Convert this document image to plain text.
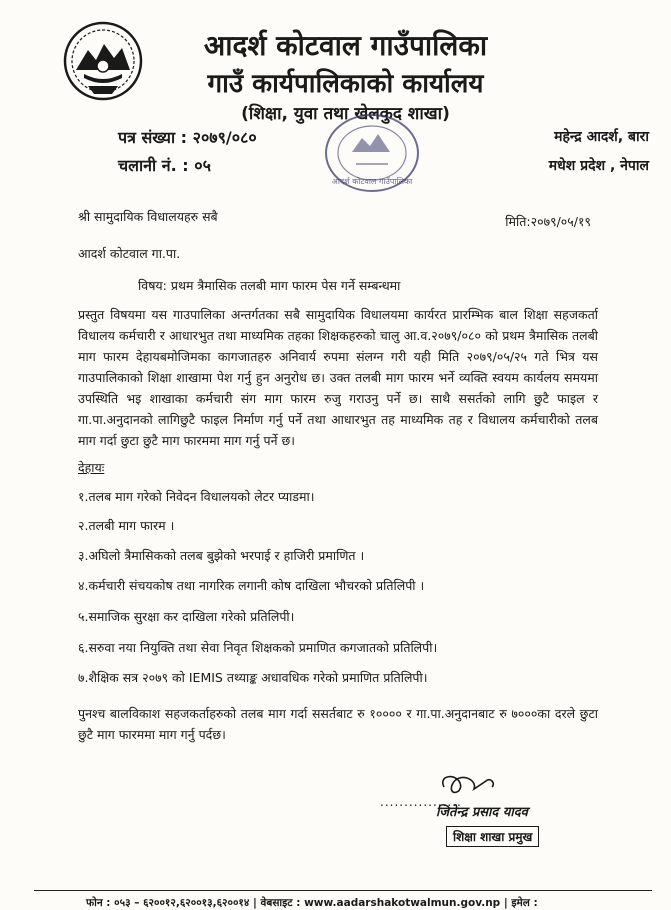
आदर्श कोटवाल गाउँपालिका
गाउँ कार्यपालिकाको कार्यालय
(शिक्षा, युवा तथा खेलकुद शाखा)
पत्र संख्या : २०७९/०८०
चलानी नं. : ०५
महेन्द्र आदर्श, बारा
मधेश प्रदेश , नेपाल
आदर्श कोटवाल गाउँपालिका
श्री सामुदायिक विधालयहरु सबै	मिति:२०७९/०५/१९
आदर्श कोटवाल गा.पा.
विषय: प्रथम त्रैमासिक तलबी माग फारम पेस गर्ने सम्बन्धमा
प्रस्तुत विषयमा यस गाउपालिका अन्तर्गतका सबै सामुदायिक विधालयमा कार्यरत प्रारम्भिक बाल शिक्षा सहजकर्ता विधालय कर्मचारी र आधारभुत तथा माध्यमिक तहका शिक्षकहरुको चालु आ.व.२०७९/०८० को प्रथम त्रैमासिक तलबी माग फारम देहायबमोजिमका कागजातहरु अनिवार्य रुपमा संलग्न गरी यही मिति २०७९/०५/२५ गते भित्र यस गाउपालिकाको शिक्षा शाखामा पेश गर्नु हुन अनुरोध छ। उक्त तलबी माग फारम भर्ने व्यक्ति स्वयम कार्यलय समयमा उपस्थिति भइ शाखाका कर्मचारी संग माग फारम रुजु गराउनु पर्ने छ। साथै ससर्तको लागि छुटै फाइल र गा.पा.अनुदानको लागिछुटै फाइल निर्माण गर्नु पर्ने तथा आधारभुत तह माध्यमिक तह र विधालय कर्मचारीको तलब माग गर्दा छुटा छुटै माग फारममा माग गर्नु पर्ने छ।
देहायः
१.तलब माग गरेको निवेदन विधालयको लेटर प्याडमा।
२.तलबी माग फारम ।
३.अघिलो त्रैमासिकको तलब बुझेको भरपाई र हाजिरी प्रमाणित ।
४.कर्मचारी संचयकोष तथा नागरिक लगानी कोष दाखिला भौचरको प्रतिलिपी ।
५.समाजिक सुरक्षा कर दाखिला गरेको प्रतिलिपी।
६.सरुवा नया नियुक्ति तथा सेवा निवृत शिक्षकको प्रमाणित कगजातको प्रतिलिपी।
७.शैक्षिक सत्र २०७९ को IEMIS तथ्याङ्क अधावधिक गरेको प्रमाणित प्रतिलिपी।
पुनश्च बालविकाश सहजकर्ताहरुको तलब माग गर्दा ससर्तबाट रु १०००० र गा.पा.अनुदानबाट रु ७०००का दरले छुटा छुटै माग फारममा माग गर्नु पर्दछ।
.................
जितेन्द्र प्रसाद यादव
शिक्षा शाखा प्रमुख
फोन : ०५३ – ६२००१२,६२००१३,६२००१४ | वेबसाइट : www.aadarshakotwalmun.gov.np | इमेल :
